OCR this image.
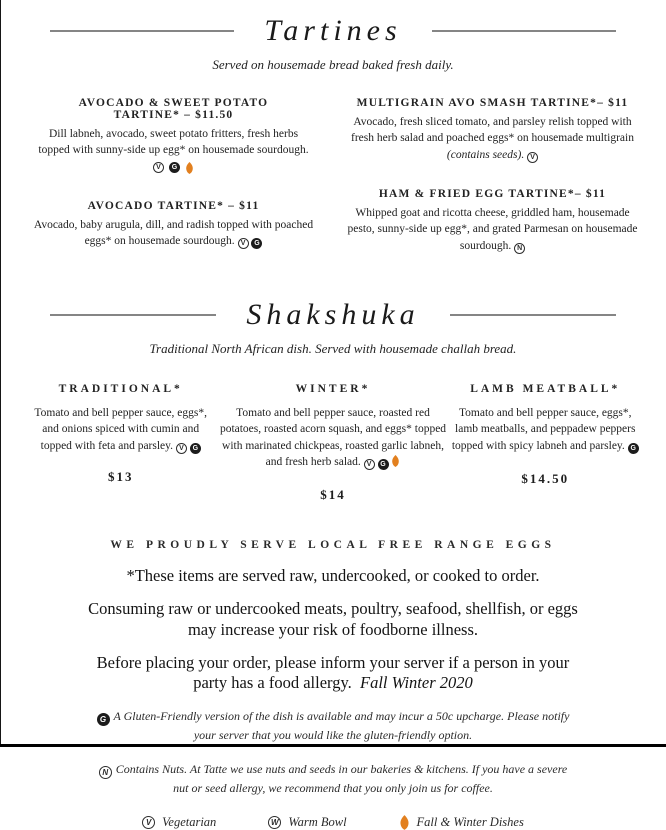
Tartines

Served on housemade bread baked fresh daily.

AVOCADO & SWEET POTATO TARTINE* – $11.50

Dill labneh, avocado, sweet potato fritters, fresh herbs topped with sunny-side up egg* on housemade sourdough.

V	G
AVOCADO TARTINE* – $11

Avocado, baby arugula, dill, and radish topped with poached eggs* on housemade sourdough. V G

MULTIGRAIN AVO SMASH TARTINE*– $11

Avocado, fresh sliced tomato, and parsley relish topped with fresh herb salad and poached eggs* on housemade multigrain (contains seeds). V

HAM & FRIED EGG TARTINE*– $11

Whipped goat and ricotta cheese, griddled ham, housemade pesto, sunny-side up egg*, and grated Parmesan on housemade sourdough. N

Shakshuka

Traditional North African dish. Served with housemade challah bread.

TRADITIONAL*

Tomato and bell pepper sauce, eggs*, and onions spiced with cumin and topped with feta and parsley. V G

$13
WINTER*

Tomato and bell pepper sauce, roasted red potatoes, roasted acorn squash, and eggs* topped with marinated chickpeas, roasted garlic labneh, and fresh herb salad. V G

$14
LAMB MEATBALL*

Tomato and bell pepper sauce, eggs*, lamb meatballs, and peppadew peppers topped with spicy labneh and parsley. G

$14.50
WE PROUDLY SERVE LOCAL FREE RANGE EGGS

*These items are served raw, undercooked, or cooked to order.

Consuming raw or undercooked meats, poultry, seafood, shellfish, or eggs may increase your risk of foodborne illness.

Before placing your order, please inform your server if a person in your party has a food allergy. Fall Winter 2020

G A Gluten-Friendly version of the dish is available and may incur a 50c upcharge. Please notify your server that you would like the gluten-friendly option.

N Contains Nuts. At Tatte we use nuts and seeds in our bakeries & kitchens. If you have a severe nut or seed allergy, we recommend that you only join us for coffee.

V Vegetarian	W Warm Bowl	Fall & Winter Dishes
